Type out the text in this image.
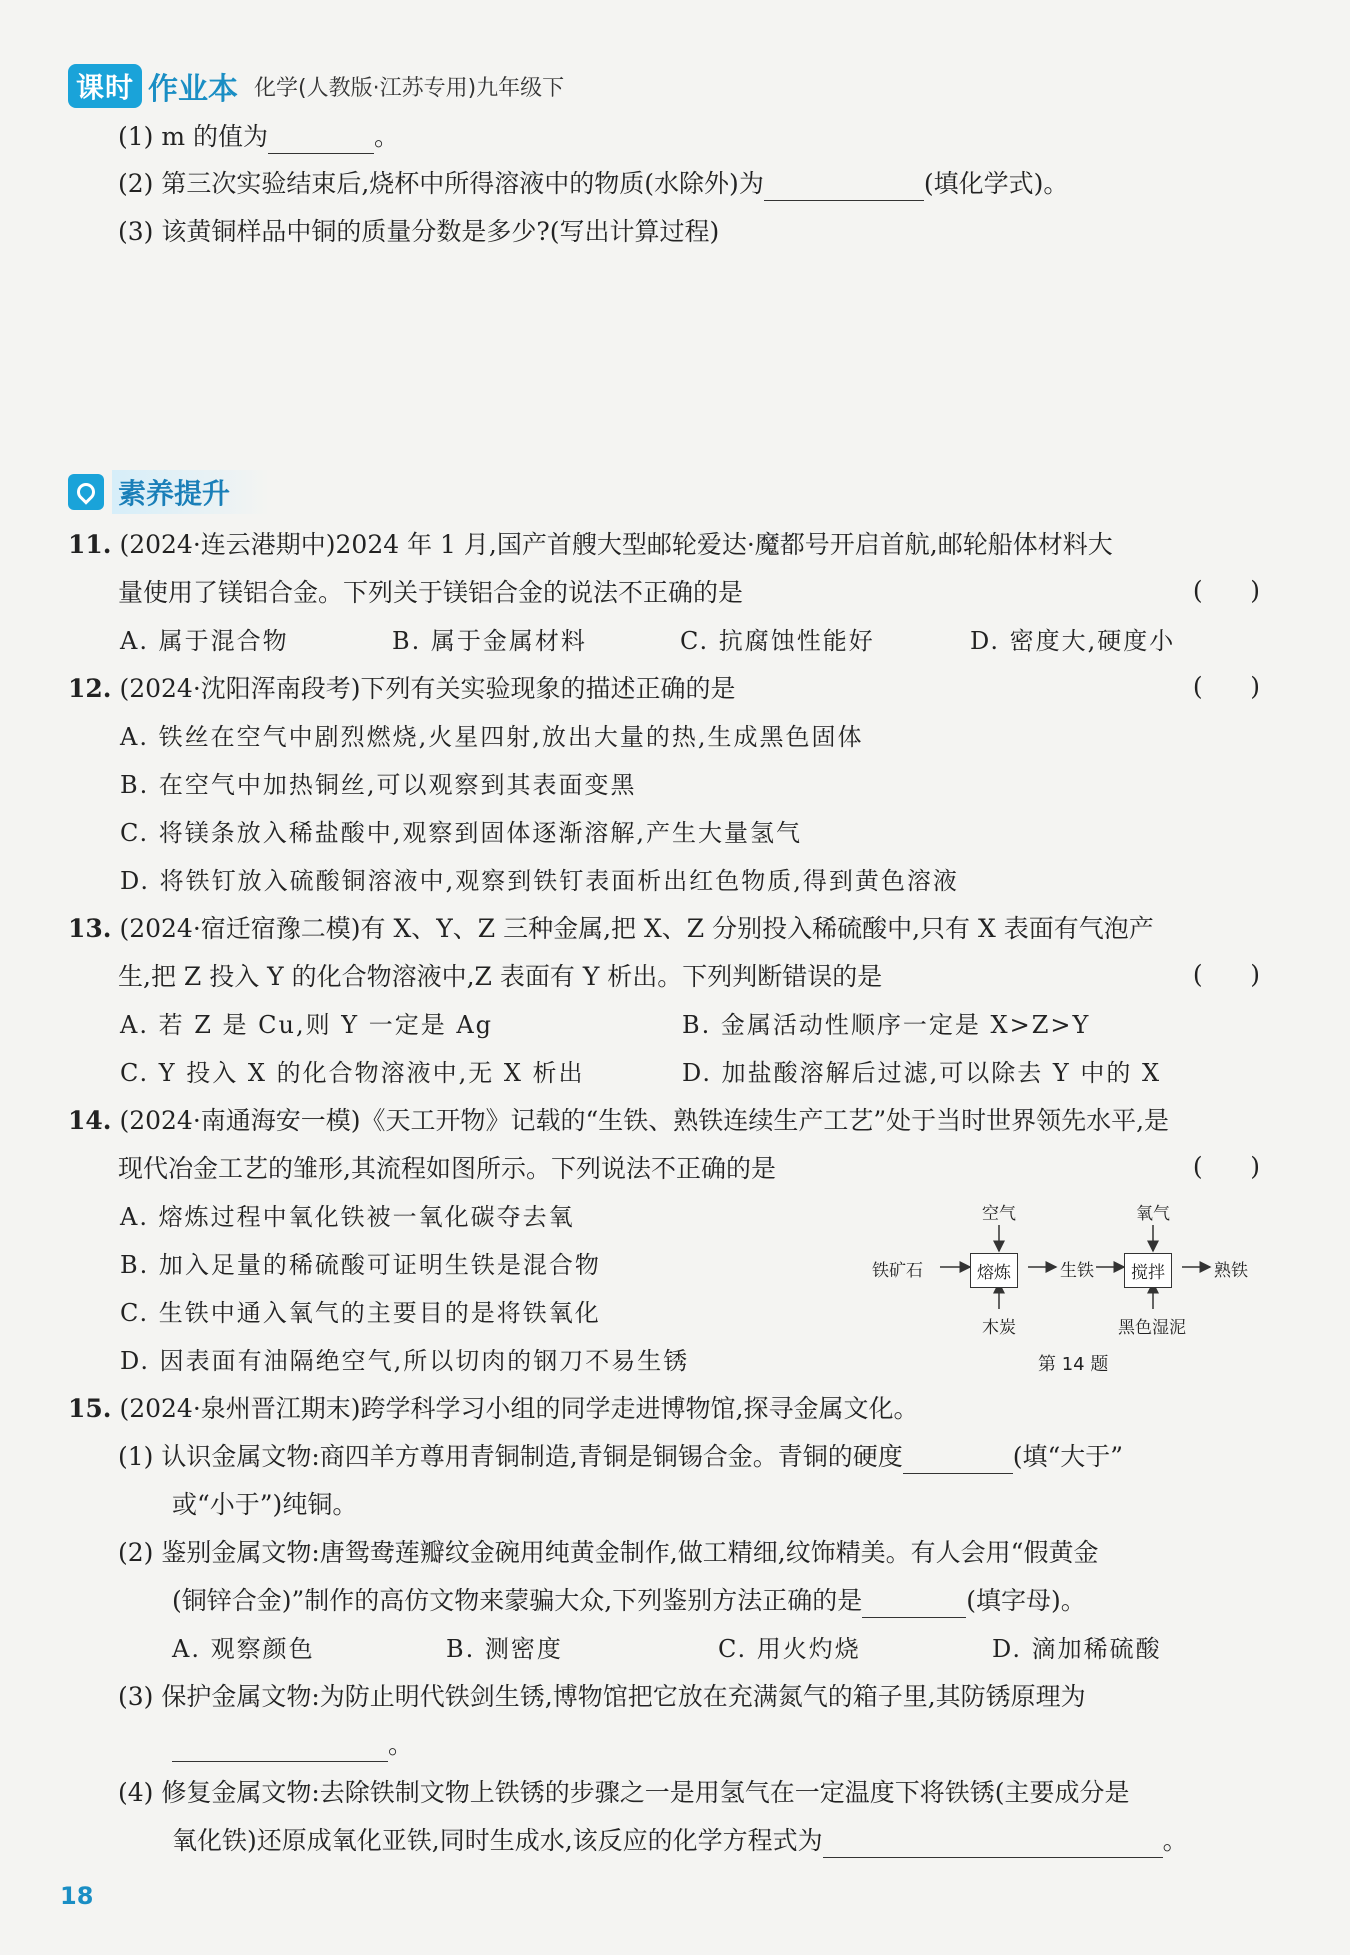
课时 作业本 化学(人教版·江苏专用)九年级下
(1) m 的值为	。
(2) 第三次实验结束后,烧杯中所得溶液中的物质(水除外)为	(填化学式)。
(3) 该黄铜样品中铜的质量分数是多少?(写出计算过程)
素养提升
11. (2024·连云港期中)2024 年 1 月,国产首艘大型邮轮爱达·魔都号开启首航,邮轮船体材料大
量使用了镁铝合金。下列关于镁铝合金的说法不正确的是	(      )
A. 属于混合物	B. 属于金属材料	C. 抗腐蚀性能好	D. 密度大,硬度小
12. (2024·沈阳浑南段考)下列有关实验现象的描述正确的是	(      )
A. 铁丝在空气中剧烈燃烧,火星四射,放出大量的热,生成黑色固体
B. 在空气中加热铜丝,可以观察到其表面变黑
C. 将镁条放入稀盐酸中,观察到固体逐渐溶解,产生大量氢气
D. 将铁钉放入硫酸铜溶液中,观察到铁钉表面析出红色物质,得到黄色溶液
13. (2024·宿迁宿豫二模)有 X、Y、Z 三种金属,把 X、Z 分别投入稀硫酸中,只有 X 表面有气泡产
生,把 Z 投入 Y 的化合物溶液中,Z 表面有 Y 析出。下列判断错误的是	(      )
A. 若 Z 是 Cu,则 Y 一定是 Ag	B. 金属活动性顺序一定是 X>Z>Y
C. Y 投入 X 的化合物溶液中,无 X 析出	D. 加盐酸溶解后过滤,可以除去 Y 中的 X
14. (2024·南通海安一模)《天工开物》记载的“生铁、熟铁连续生产工艺”处于当时世界领先水平,是
现代冶金工艺的雏形,其流程如图所示。下列说法不正确的是	(      )
A. 熔炼过程中氧化铁被一氧化碳夺去氧
B. 加入足量的稀硫酸可证明生铁是混合物
C. 生铁中通入氧气的主要目的是将铁氧化
D. 因表面有油隔绝空气,所以切肉的钢刀不易生锈
铁矿石	熔炼	生铁	搅拌	熟铁
空气	氧气
木炭	黑色湿泥
第 14 题
15. (2024·泉州晋江期末)跨学科学习小组的同学走进博物馆,探寻金属文化。
(1) 认识金属文物:商四羊方尊用青铜制造,青铜是铜锡合金。青铜的硬度	(填“大于”
或“小于”)纯铜。
(2) 鉴别金属文物:唐鸳鸯莲瓣纹金碗用纯黄金制作,做工精细,纹饰精美。有人会用“假黄金
(铜锌合金)”制作的高仿文物来蒙骗大众,下列鉴别方法正确的是	(填字母)。
A. 观察颜色	B. 测密度	C. 用火灼烧	D. 滴加稀硫酸
(3) 保护金属文物:为防止明代铁剑生锈,博物馆把它放在充满氮气的箱子里,其防锈原理为
。
(4) 修复金属文物:去除铁制文物上铁锈的步骤之一是用氢气在一定温度下将铁锈(主要成分是
氧化铁)还原成氧化亚铁,同时生成水,该反应的化学方程式为	。
18
